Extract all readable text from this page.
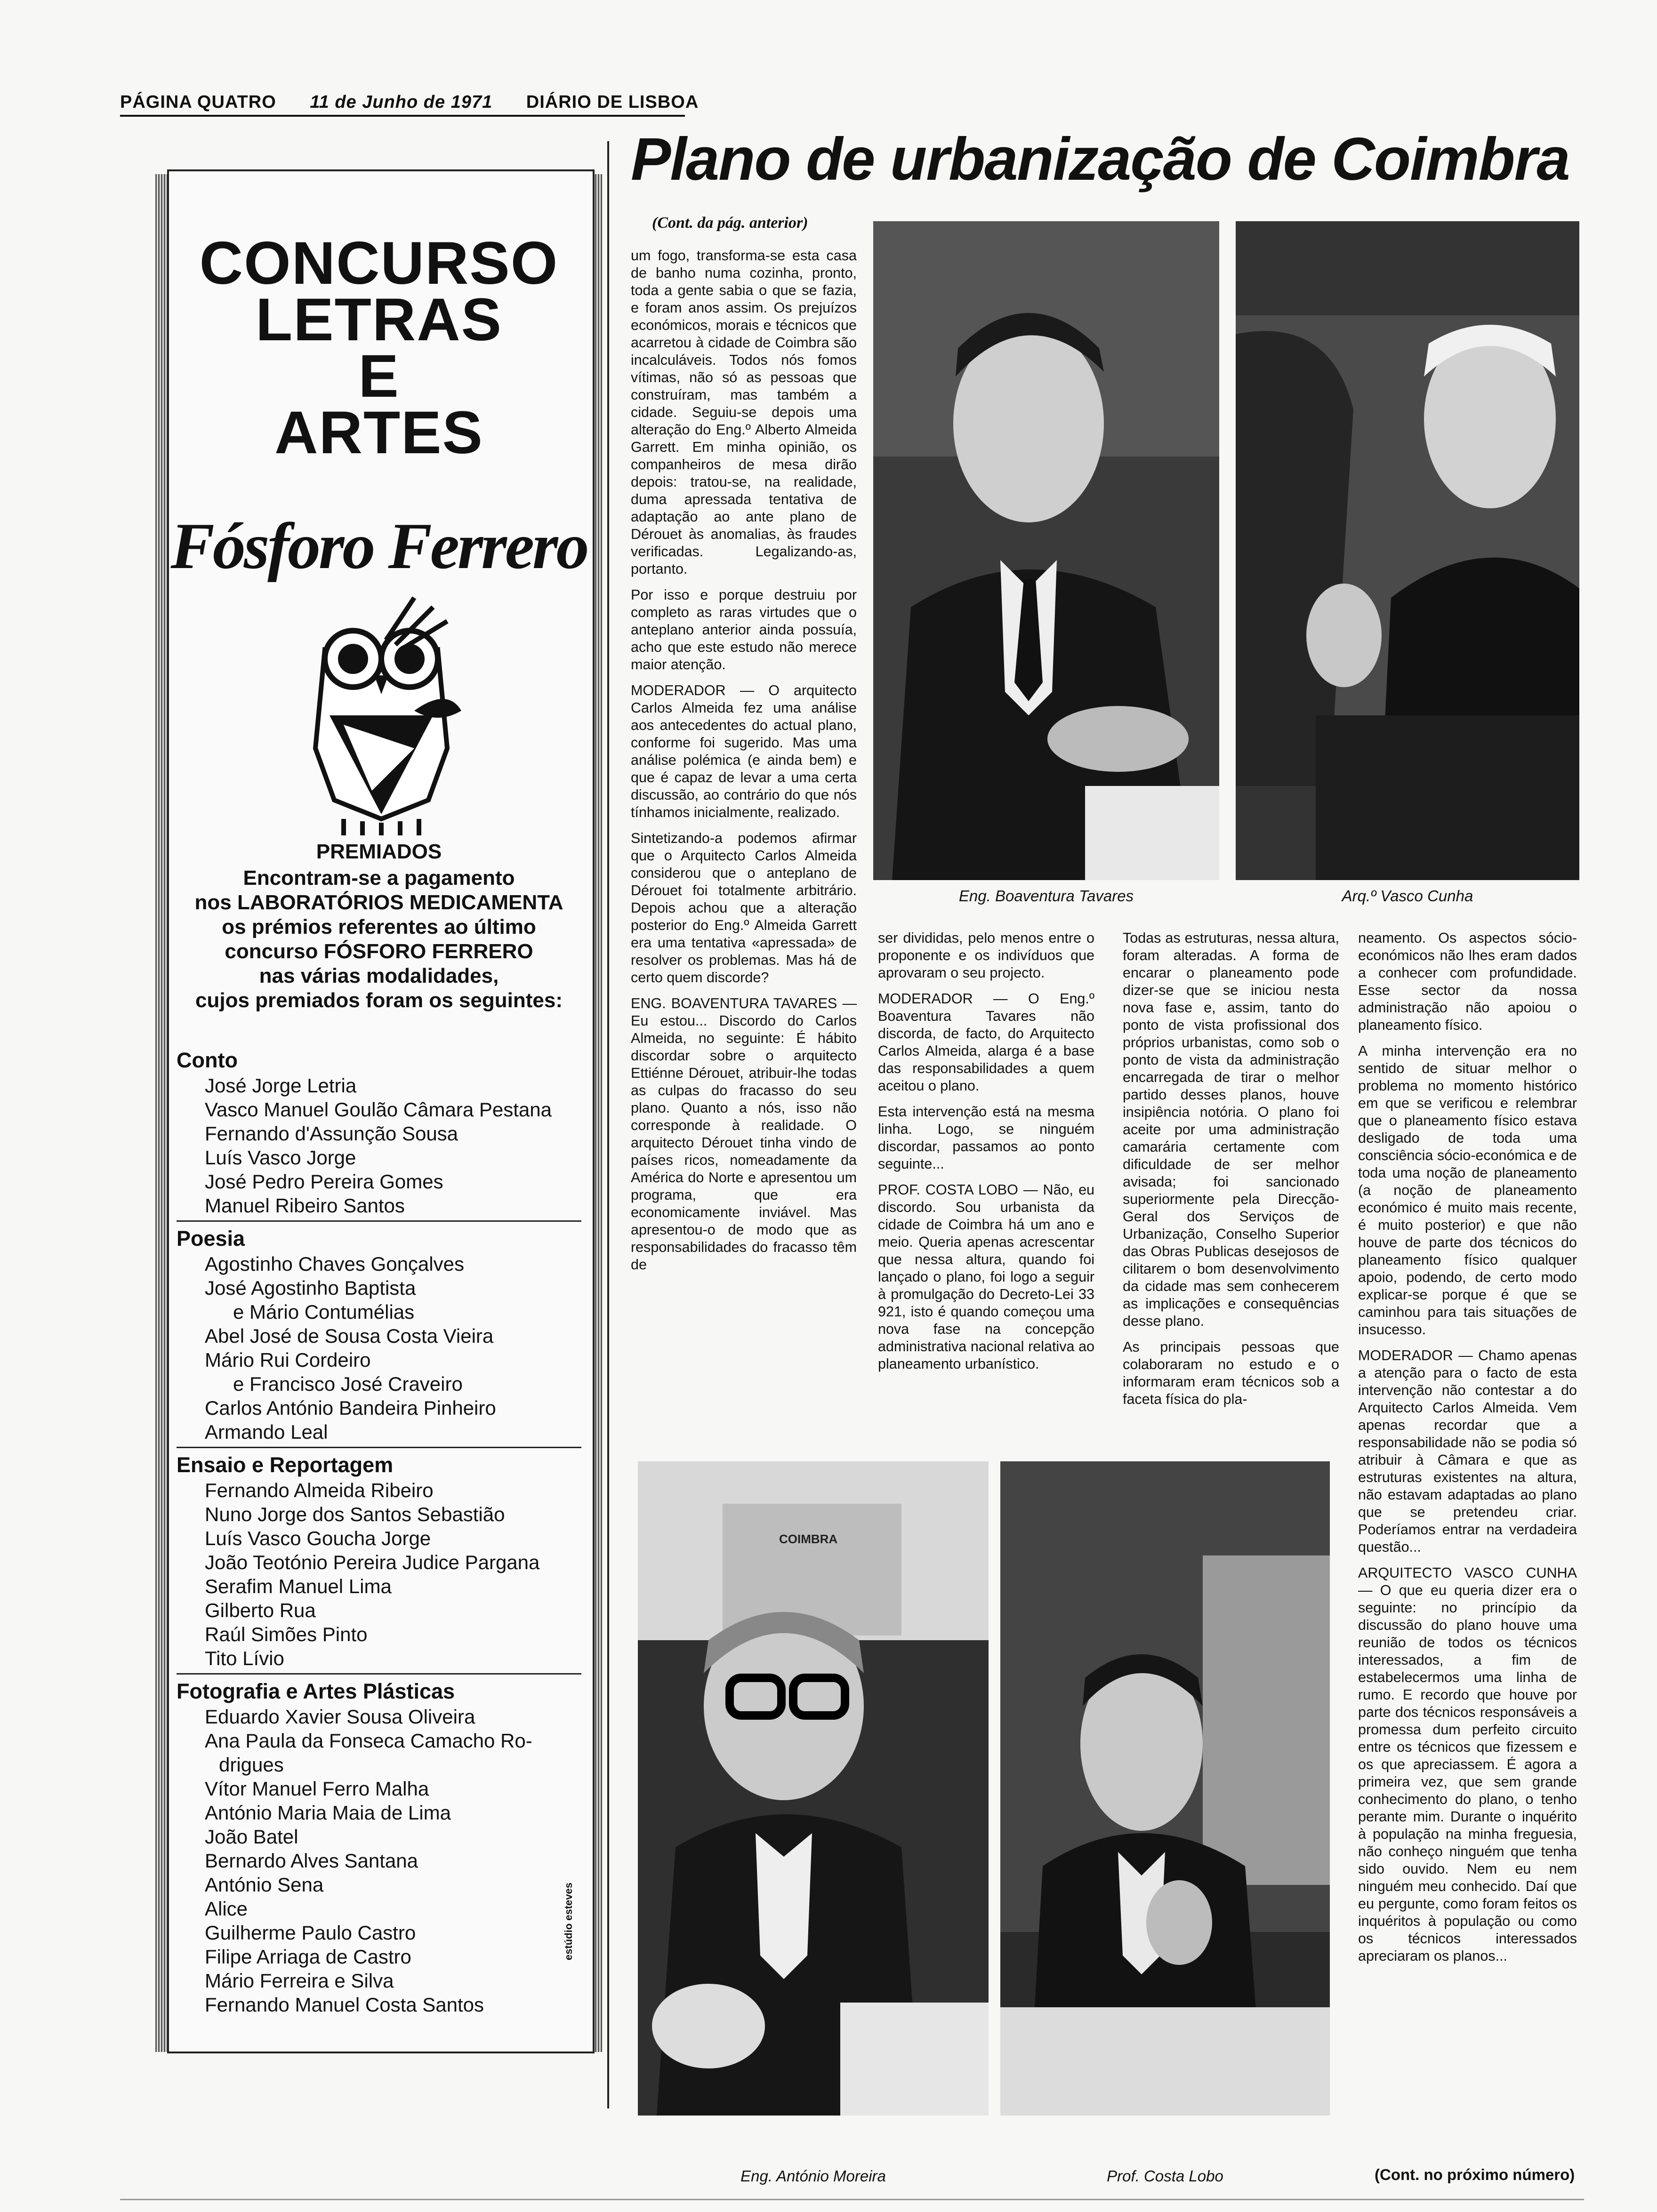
PÁGINA QUATRO 11 de Junho de 1971 DIÁRIO DE LISBOA
CONCURSO
LETRAS
E
ARTES
Fósforo Ferrero
PREMIADOS
Encontram-se a pagamento
nos LABORATÓRIOS MEDICAMENTA
os prémios referentes ao último
concurso FÓSFORO FERRERO
nas várias modalidades,
cujos premiados foram os seguintes:
Conto
José Jorge Letria
Vasco Manuel Goulão Câmara Pestana
Fernando d'Assunção Sousa
Luís Vasco Jorge
José Pedro Pereira Gomes
Manuel Ribeiro Santos
Poesia
Agostinho Chaves Gonçalves
José Agostinho Baptista
e Mário Contumélias
Abel José de Sousa Costa Vieira
Mário Rui Cordeiro
e Francisco José Craveiro
Carlos António Bandeira Pinheiro
Armando Leal
Ensaio e Reportagem
Fernando Almeida Ribeiro
Nuno Jorge dos Santos Sebastião
Luís Vasco Goucha Jorge
João Teotónio Pereira Judice Pargana
Serafim Manuel Lima
Gilberto Rua
Raúl Simões Pinto
Tito Lívio
Fotografia e Artes Plásticas
Eduardo Xavier Sousa Oliveira
Ana Paula da Fonseca Camacho Ro-
drigues
Vítor Manuel Ferro Malha
António Maria Maia de Lima
João Batel
Bernardo Alves Santana
António Sena
Alice
Guilherme Paulo Castro
Filipe Arriaga de Castro
Mário Ferreira e Silva
Fernando Manuel Costa Santos
estúdio esteves
Plano de urbanização de Coimbra
(Cont. da pág. anterior)

um fogo, transforma-se esta casa de banho numa cozinha, pronto, toda a gente sabia o que se fazia, e foram anos assim. Os prejuízos económicos, morais e técnicos que acarretou à cidade de Coimbra são incalculáveis. Todos nós fomos vítimas, não só as pessoas que construíram, mas também a cidade. Seguiu-se depois uma alteração do Eng.º Alberto Almeida Garrett. Em minha opinião, os companheiros de mesa dirão depois: tratou-se, na realidade, duma apressada tentativa de adaptação ao ante plano de Dérouet às anomalias, às fraudes verificadas. Legalizando-as, portanto.

Por isso e porque destruiu por completo as raras virtudes que o anteplano anterior ainda possuía, acho que este estudo não merece maior atenção.

MODERADOR — O arquitecto Carlos Almeida fez uma análise aos antecedentes do actual plano, conforme foi sugerido. Mas uma análise polémica (e ainda bem) e que é capaz de levar a uma certa discussão, ao contrário do que nós tínhamos inicialmente, realizado.

Sintetizando-a podemos afirmar que o Arquitecto Carlos Almeida considerou que o anteplano de Dérouet foi totalmente arbitrário. Depois achou que a alteração posterior do Eng.º Almeida Garrett era uma tentativa «apressada» de resolver os problemas. Mas há de certo quem discorde?

ENG. BOAVENTURA TAVARES — Eu estou... Discordo do Carlos Almeida, no seguinte: É hábito discordar sobre o arquitecto Ettiénne Dérouet, atribuir-lhe todas as culpas do fracasso do seu plano. Quanto a nós, isso não corresponde à realidade. O arquitecto Dérouet tinha vindo de países ricos, nomeadamente da América do Norte e apresentou um programa, que era economicamente inviável. Mas apresentou-o de modo que as responsabilidades do fracasso têm de

ser divididas, pelo menos entre o proponente e os indivíduos que aprovaram o seu projecto.

MODERADOR — O Eng.º Boaventura Tavares não discorda, de facto, do Arquitecto Carlos Almeida, alarga é a base das responsabilidades a quem aceitou o plano.

Esta intervenção está na mesma linha. Logo, se ninguém discordar, passamos ao ponto seguinte...

PROF. COSTA LOBO — Não, eu discordo. Sou urbanista da cidade de Coimbra há um ano e meio. Queria apenas acrescentar que nessa altura, quando foi lançado o plano, foi logo a seguir à promulgação do Decreto-Lei 33 921, isto é quando começou uma nova fase na concepção administrativa nacional relativa ao planeamento urbanístico.

Todas as estruturas, nessa altura, foram alteradas. A forma de encarar o planeamento pode dizer-se que se iniciou nesta nova fase e, assim, tanto do ponto de vista profissional dos próprios urbanistas, como sob o ponto de vista da administração encarregada de tirar o melhor partido desses planos, houve insipiência notória. O plano foi aceite por uma administração camarária certamente com dificuldade de ser melhor avisada; foi sancionado superiormente pela Direcção-Geral dos Serviços de Urbanização, Conselho Superior das Obras Publicas desejosos de cilitarem o bom desenvolvimento da cidade mas sem conhecerem as implicações e consequências desse plano.

As principais pessoas que colaboraram no estudo e o informaram eram técnicos sob a faceta física do pla-

neamento. Os aspectos sócio-económicos não lhes eram dados a conhecer com profundidade. Esse sector da nossa administração não apoiou o planeamento físico.

A minha intervenção era no sentido de situar melhor o problema no momento histórico em que se verificou e relembrar que o planeamento físico estava desligado de toda uma consciência sócio-económica e de toda uma noção de planeamento (a noção de planeamento económico é muito mais recente, é muito posterior) e que não houve de parte dos técnicos do planeamento físico qualquer apoio, podendo, de certo modo explicar-se porque é que se caminhou para tais situações de insucesso.

MODERADOR — Chamo apenas a atenção para o facto de esta intervenção não contestar a do Arquitecto Carlos Almeida. Vem apenas recordar que a responsabilidade não se podia só atribuir à Câmara e que as estruturas existentes na altura, não estavam adaptadas ao plano que se pretendeu criar. Poderíamos entrar na verdadeira questão...

ARQUITECTO VASCO CUNHA — O que eu queria dizer era o seguinte: no princípio da discussão do plano houve uma reunião de todos os técnicos interessados, a fim de estabelecermos uma linha de rumo. E recordo que houve por parte dos técnicos responsáveis a promessa dum perfeito circuito entre os técnicos que fizessem e os que apreciassem. É agora a primeira vez, que sem grande conhecimento do plano, o tenho perante mim. Durante o inquérito à população na minha freguesia, não conheço ninguém que tenha sido ouvido. Nem eu nem ninguém meu conhecido. Daí que eu pergunte, como foram feitos os inquéritos à população ou como os técnicos interessados apreciaram os planos...

COIMBRA
Eng. Boaventura Tavares	Arq.º Vasco Cunha
Eng. António Moreira	Prof. Costa Lobo	(Cont. no próximo número)
